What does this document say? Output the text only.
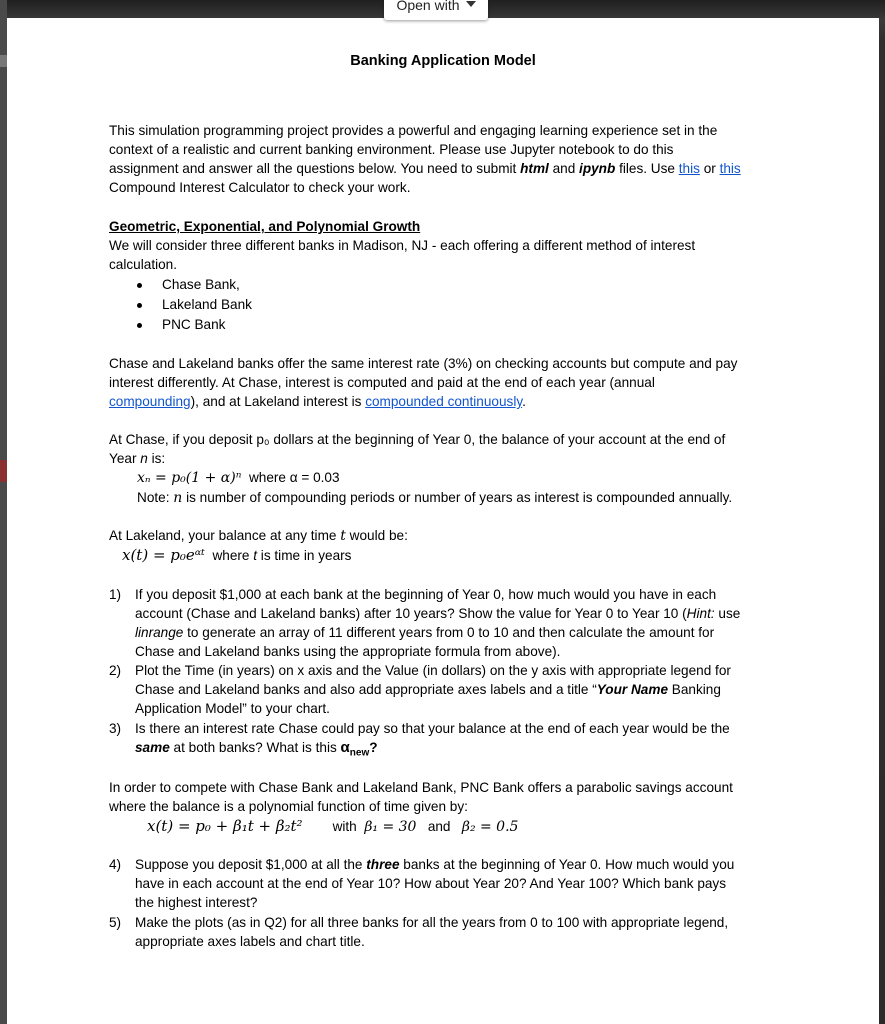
Open with
Banking Application Model
This simulation programming project provides a powerful and engaging learning experience set in the
context of a realistic and current banking environment. Please use Jupyter notebook to do this
assignment and answer all the questions below. You need to submit html and ipynb files. Use this or this
Compound Interest Calculator to check your work.
Geometric, Exponential, and Polynomial Growth
We will consider three different banks in Madison, NJ - each offering a different method of interest
calculation.
Chase Bank,
Lakeland Bank
PNC Bank
Chase and Lakeland banks offer the same interest rate (3%) on checking accounts but compute and pay
interest differently. At Chase, interest is computed and paid at the end of each year (annual
compounding), and at Lakeland interest is compounded continuously.
At Chase, if you deposit p₀ dollars at the beginning of Year 0, the balance of your account at the end of
Year n is:
xₙ = p₀(1 + α)ⁿ where α = 0.03
Note: n is number of compounding periods or number of years as interest is compounded annually.
At Lakeland, your balance at any time t would be:
x(t) = p₀eᵅᵗ where t is time in years
1) If you deposit $1,000 at each bank at the beginning of Year 0, how much would you have in each
account (Chase and Lakeland banks) after 10 years? Show the value for Year 0 to Year 10 (Hint: use
linrange to generate an array of 11 different years from 0 to 10 and then calculate the amount for
Chase and Lakeland banks using the appropriate formula from above).
2) Plot the Time (in years) on x axis and the Value (in dollars) on the y axis with appropriate legend for
Chase and Lakeland banks and also add appropriate axes labels and a title “Your Name Banking
Application Model” to your chart.
3) Is there an interest rate Chase could pay so that your balance at the end of each year would be the
same at both banks? What is this $\alpha_{new}$?
In order to compete with Chase Bank and Lakeland Bank, PNC Bank offers a parabolic savings account
where the balance is a polynomial function of time given by:
x(t) = p₀ + β₁t + β₂t² with β₁ = 30 and β₂ = 0.5
4) Suppose you deposit $1,000 at all the three banks at the beginning of Year 0. How much would you
have in each account at the end of Year 10? How about Year 20? And Year 100? Which bank pays
the highest interest?
5) Make the plots (as in Q2) for all three banks for all the years from 0 to 100 with appropriate legend,
appropriate axes labels and chart title.
